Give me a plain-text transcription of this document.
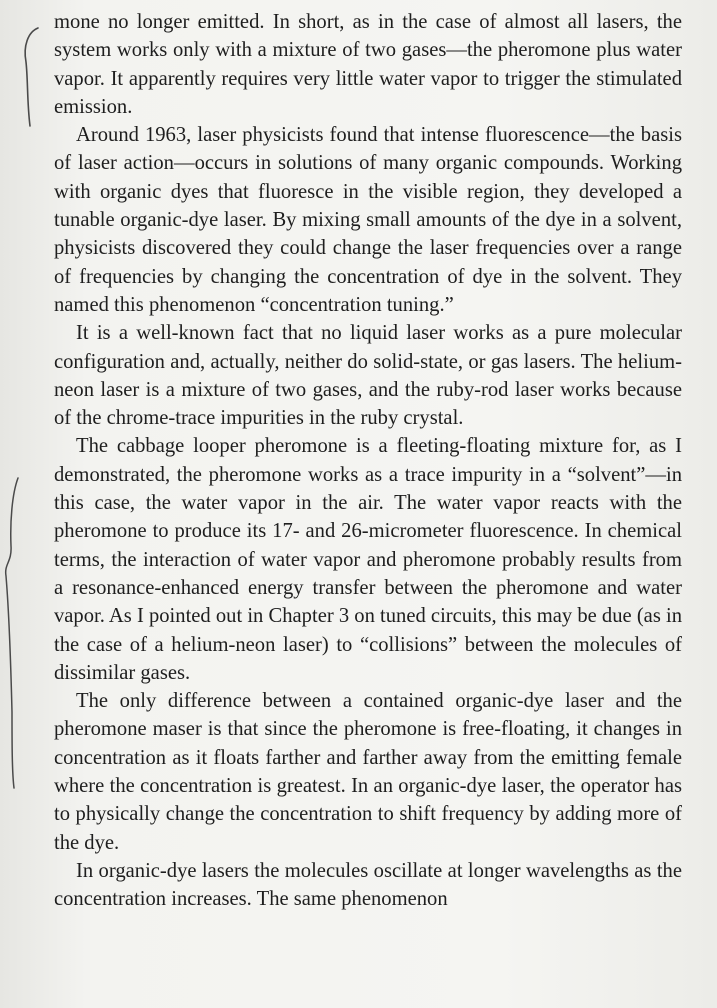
mone no longer emitted. In short, as in the case of almost all lasers, the system works only with a mixture of two gases—the pheromone plus water vapor. It apparently requires very little water vapor to trigger the stimulated emission.

Around 1963, laser physicists found that intense fluorescence—the basis of laser action—occurs in solutions of many organic compounds. Working with organic dyes that fluoresce in the visible region, they developed a tunable organic-dye laser. By mixing small amounts of the dye in a solvent, physicists discovered they could change the laser frequencies over a range of frequencies by changing the concentration of dye in the solvent. They named this phenomenon “concentration tuning.”

It is a well-known fact that no liquid laser works as a pure molecular configuration and, actually, neither do solid-state, or gas lasers. The helium-neon laser is a mixture of two gases, and the ruby-rod laser works because of the chrome-trace impurities in the ruby crystal.

The cabbage looper pheromone is a fleeting-floating mixture for, as I demonstrated, the pheromone works as a trace impurity in a “solvent”—in this case, the water vapor in the air. The water vapor reacts with the pheromone to produce its 17- and 26-micrometer fluorescence. In chemical terms, the interaction of water vapor and pheromone probably results from a resonance-enhanced energy transfer between the pheromone and water vapor. As I pointed out in Chapter 3 on tuned circuits, this may be due (as in the case of a helium-neon laser) to “collisions” between the molecules of dissimilar gases.

The only difference between a contained organic-dye laser and the pheromone maser is that since the pheromone is free-floating, it changes in concentration as it floats farther and farther away from the emitting female where the concentration is greatest. In an organic-dye laser, the operator has to physically change the concentration to shift frequency by adding more of the dye.

In organic-dye lasers the molecules oscillate at longer wavelengths as the concentration increases. The same phenomenon
